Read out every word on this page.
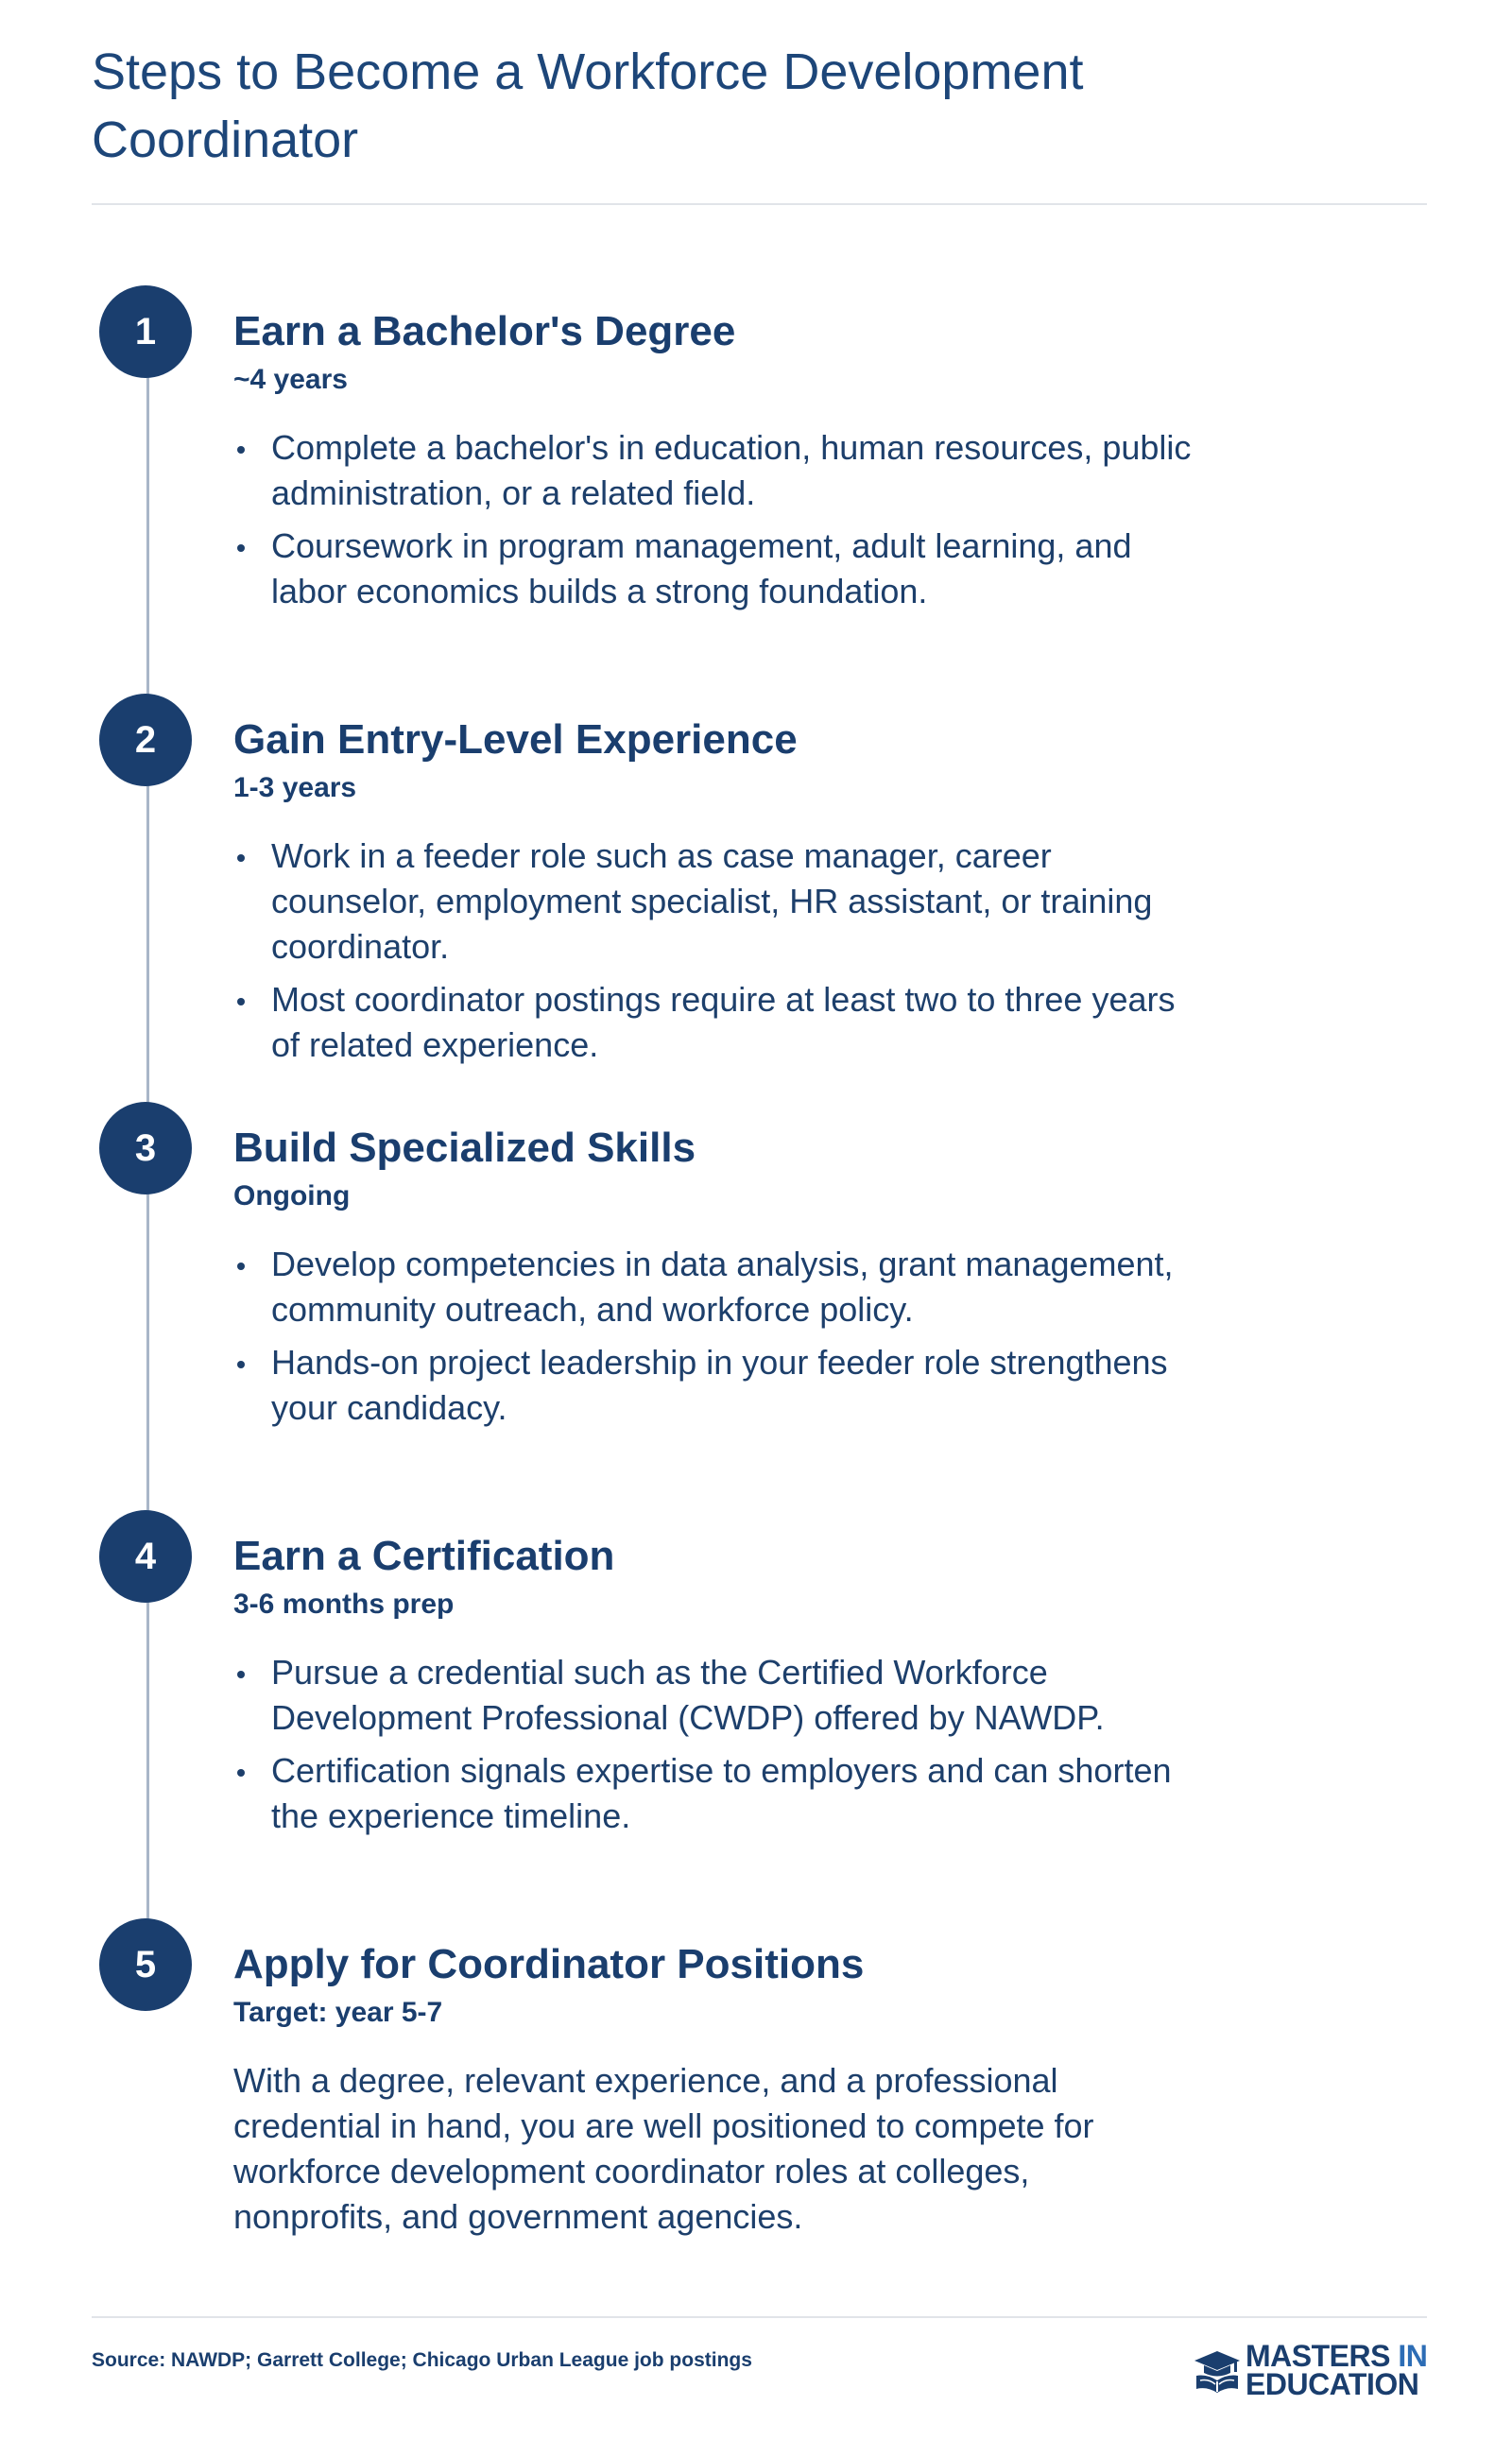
Steps to Become a Workforce Development Coordinator
1	Earn a Bachelor's Degree
~4 years
Complete a bachelor's in education, human resources, public administration, or a related field.
Coursework in program management, adult learning, and labor economics builds a strong foundation.
2	Gain Entry-Level Experience
1-3 years
Work in a feeder role such as case manager, career counselor, employment specialist, HR assistant, or training coordinator.
Most coordinator postings require at least two to three years of related experience.
3	Build Specialized Skills
Ongoing
Develop competencies in data analysis, grant management, community outreach, and workforce policy.
Hands-on project leadership in your feeder role strengthens your candidacy.
4	Earn a Certification
3-6 months prep
Pursue a credential such as the Certified Workforce Development Professional (CWDP) offered by NAWDP.
Certification signals expertise to employers and can shorten the experience timeline.
5	Apply for Coordinator Positions
Target: year 5-7

With a degree, relevant experience, and a professional credential in hand, you are well positioned to compete for workforce development coordinator roles at colleges, nonprofits, and government agencies.

Source: NAWDP; Garrett College; Chicago Urban League job postings	MASTERS IN
EDUCATION
